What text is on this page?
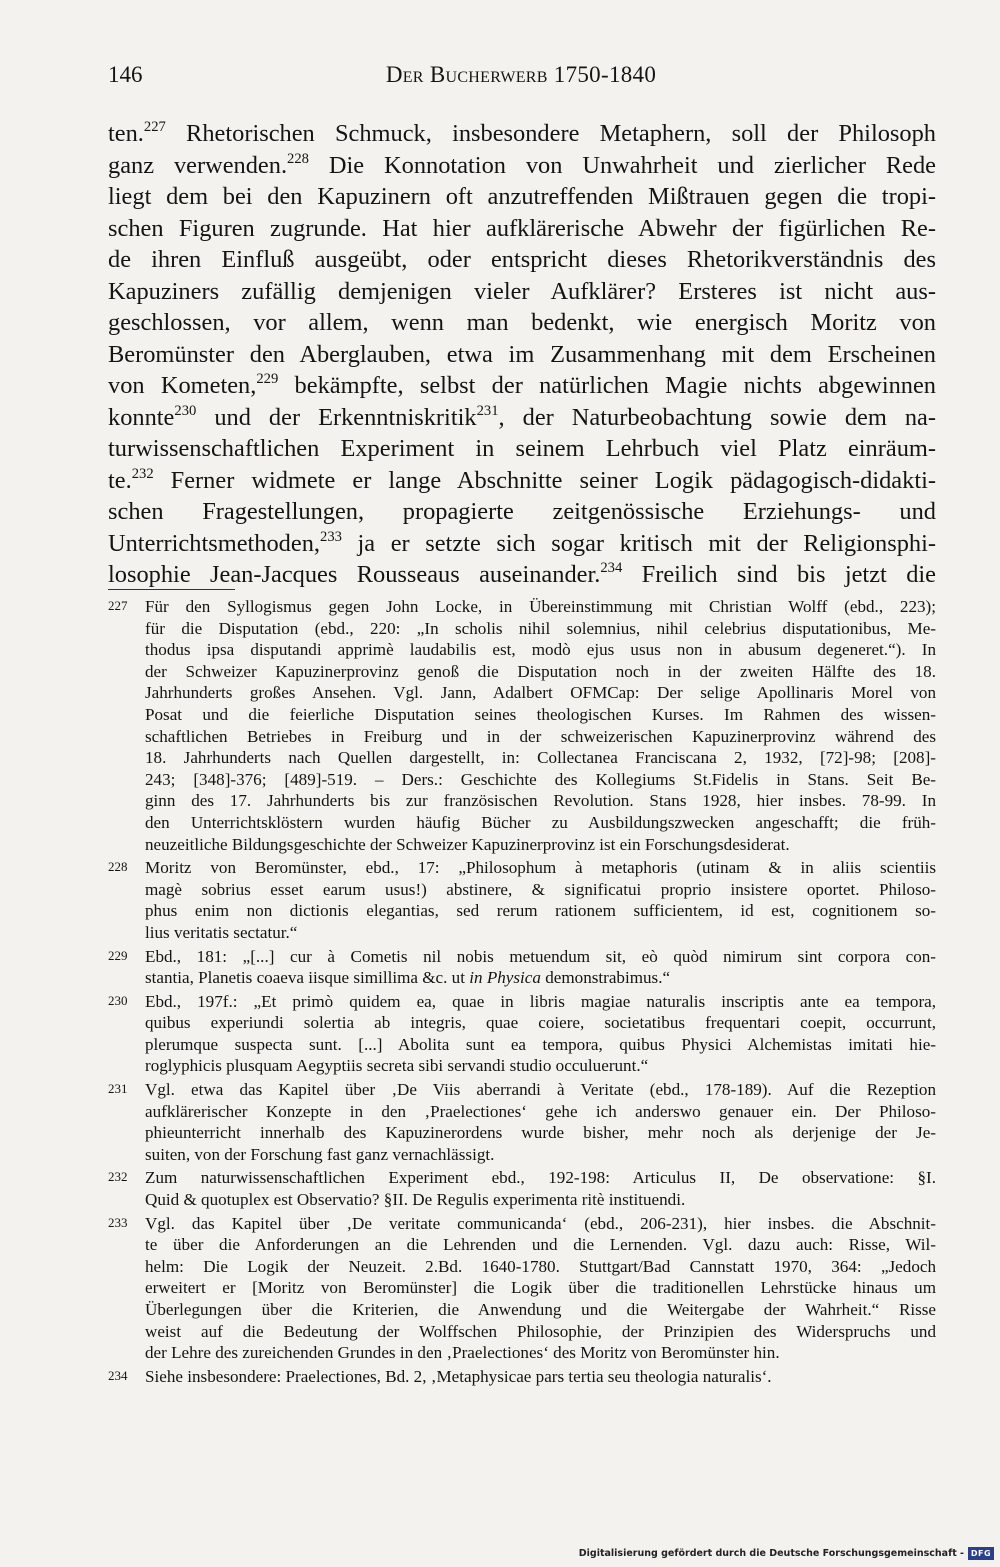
146	Der Bucherwerb 1750-1840
ten.$^{227}$ Rhetorischen Schmuck, insbesondere Metaphern, soll der Philosoph
ganz verwenden.$^{228}$ Die Konnotation von Unwahrheit und zierlicher Rede
liegt dem bei den Kapuzinern oft anzutreffenden Mißtrauen gegen die tropi-
schen Figuren zugrunde. Hat hier aufklärerische Abwehr der figürlichen Re-
de ihren Einfluß ausgeübt, oder entspricht dieses Rhetorikverständnis des
Kapuziners zufällig demjenigen vieler Aufklärer? Ersteres ist nicht aus-
geschlossen, vor allem, wenn man bedenkt, wie energisch Moritz von
Beromünster den Aberglauben, etwa im Zusammenhang mit dem Erscheinen
von Kometen,$^{229}$ bekämpfte, selbst der natürlichen Magie nichts abgewinnen
konnte$^{230}$ und der Erkenntniskritik$^{231}$, der Naturbeobachtung sowie dem na-
turwissenschaftlichen Experiment in seinem Lehrbuch viel Platz einräum-
te.$^{232}$ Ferner widmete er lange Abschnitte seiner Logik pädagogisch-didakti-
schen Fragestellungen, propagierte zeitgenössische Erziehungs- und
Unterrichtsmethoden,$^{233}$ ja er setzte sich sogar kritisch mit der Religionsphi-
losophie Jean-Jacques Rousseaus auseinander.$^{234}$ Freilich sind bis jetzt die
227 Für den Syllogismus gegen John Locke, in Übereinstimmung mit Christian Wolff (ebd., 223);
für die Disputation (ebd., 220: „In scholis nihil solemnius, nihil celebrius disputationibus, Me-
thodus ipsa disputandi apprimè laudabilis est, modò ejus usus non in abusum degeneret.“). In
der Schweizer Kapuzinerprovinz genoß die Disputation noch in der zweiten Hälfte des 18.
Jahrhunderts großes Ansehen. Vgl. Jann, Adalbert OFMCap: Der selige Apollinaris Morel von
Posat und die feierliche Disputation seines theologischen Kurses. Im Rahmen des wissen-
schaftlichen Betriebes in Freiburg und in der schweizerischen Kapuzinerprovinz während des
18. Jahrhunderts nach Quellen dargestellt, in: Collectanea Franciscana 2, 1932, [72]-98; [208]-
243; [348]-376; [489]-519. – Ders.: Geschichte des Kollegiums St.Fidelis in Stans. Seit Be-
ginn des 17. Jahrhunderts bis zur französischen Revolution. Stans 1928, hier insbes. 78-99. In
den Unterrichtsklöstern wurden häufig Bücher zu Ausbildungszwecken angeschafft; die früh-
neuzeitliche Bildungsgeschichte der Schweizer Kapuzinerprovinz ist ein Forschungsdesiderat.
228 Moritz von Beromünster, ebd., 17: „Philosophum à metaphoris (utinam & in aliis scientiis
magè sobrius esset earum usus!) abstinere, & significatui proprio insistere oportet. Philoso-
phus enim non dictionis elegantias, sed rerum rationem sufficientem, id est, cognitionem so-
lius veritatis sectatur.“
229 Ebd., 181: „[...] cur à Cometis nil nobis metuendum sit, eò quòd nimirum sint corpora con-
stantia, Planetis coaeva iisque simillima &c. ut in Physica demonstrabimus.“
230 Ebd., 197f.: „Et primò quidem ea, quae in libris magiae naturalis inscriptis ante ea tempora,
quibus experiundi solertia ab integris, quae coiere, societatibus frequentari coepit, occurrunt,
plerumque suspecta sunt. [...] Abolita sunt ea tempora, quibus Physici Alchemistas imitati hie-
roglyphicis plusquam Aegyptiis secreta sibi servandi studio occuluerunt.“
231 Vgl. etwa das Kapitel über ‚De Viis aberrandi à Veritate (ebd., 178-189). Auf die Rezeption
aufklärerischer Konzepte in den ‚Praelectiones‘ gehe ich anderswo genauer ein. Der Philoso-
phieunterricht innerhalb des Kapuzinerordens wurde bisher, mehr noch als derjenige der Je-
suiten, von der Forschung fast ganz vernachlässigt.
232 Zum naturwissenschaftlichen Experiment ebd., 192-198: Articulus II, De observatione: §I.
Quid & quotuplex est Observatio? §II. De Regulis experimenta ritè instituendi.
233 Vgl. das Kapitel über ‚De veritate communicanda‘ (ebd., 206-231), hier insbes. die Abschnit-
te über die Anforderungen an die Lehrenden und die Lernenden. Vgl. dazu auch: Risse, Wil-
helm: Die Logik der Neuzeit. 2.Bd. 1640-1780. Stuttgart/Bad Cannstatt 1970, 364: „Jedoch
erweitert er [Moritz von Beromünster] die Logik über die traditionellen Lehrstücke hinaus um
Überlegungen über die Kriterien, die Anwendung und die Weitergabe der Wahrheit.“ Risse
weist auf die Bedeutung der Wolffschen Philosophie, der Prinzipien des Widerspruchs und
der Lehre des zureichenden Grundes in den ‚Praelectiones‘ des Moritz von Beromünster hin.
234 Siehe insbesondere: Praelectiones, Bd. 2, ‚Metaphysicae pars tertia seu theologia naturalis‘.
Digitalisierung gefördert durch die Deutsche Forschungsgemeinschaft - DFG
